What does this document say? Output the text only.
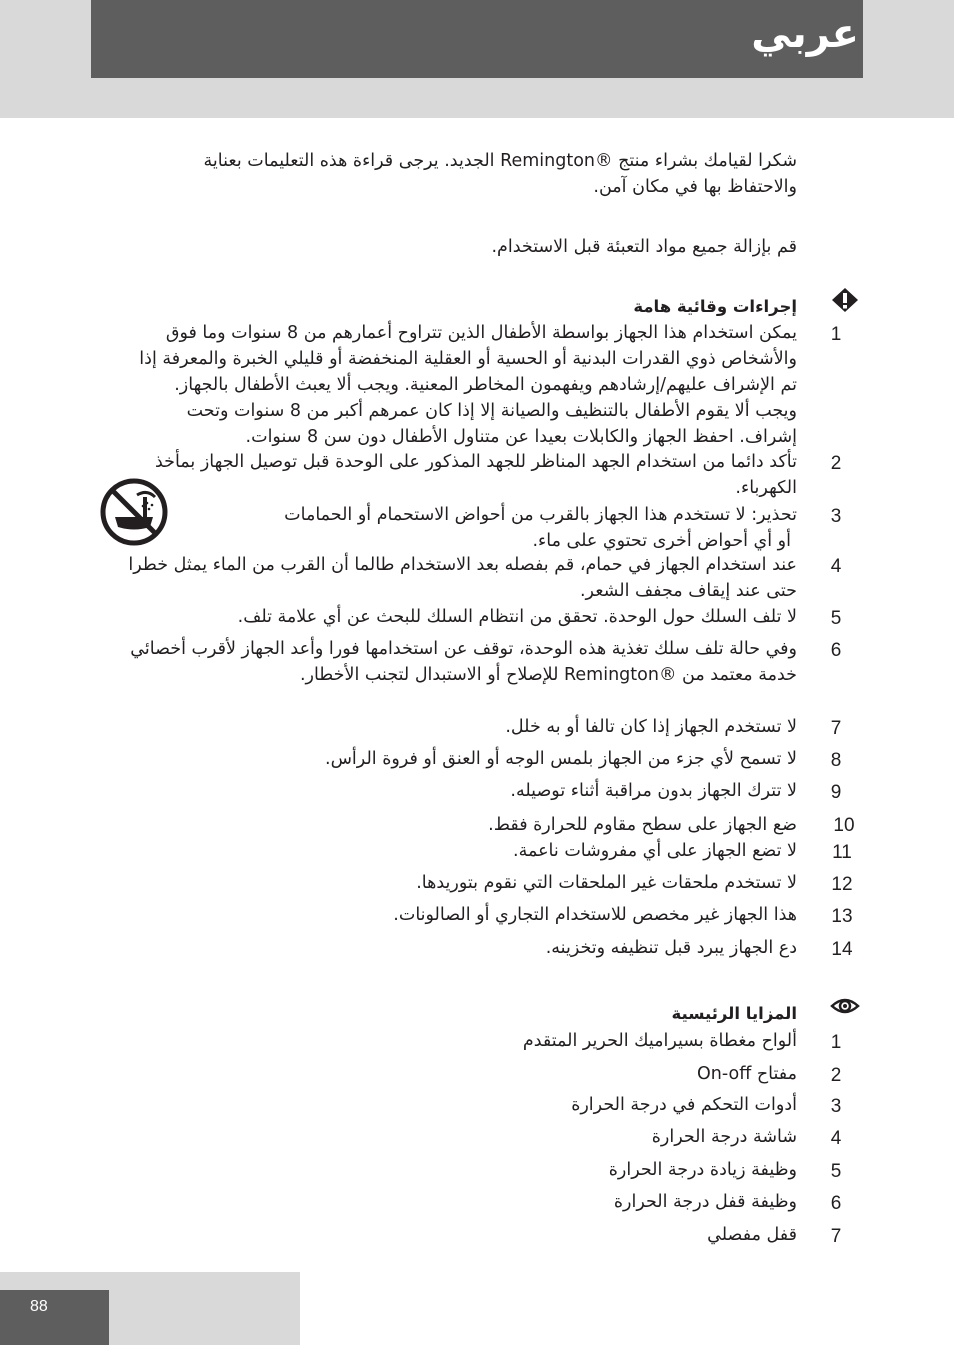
عربي
شكرا لقيامك بشراء منتج ®Remington الجديد. يرجى قراءة هذه التعليمات بعناية
والاحتفاظ بها في مكان آمن.
قم بإزالة جميع مواد التعبئة قبل الاستخدام.
إجراءات وقائية هامة
1
يمكن استخدام هذا الجهاز بواسطة الأطفال الذين تتراوح أعمارهم من 8 سنوات وما فوق
والأشخاص ذوي القدرات البدنية أو الحسية أو العقلية المنخفضة أو قليلي الخبرة والمعرفة إذا
تم الإشراف عليهم/إرشادهم ويفهمون المخاطر المعنية. ويجب ألا يعبث الأطفال بالجهاز.
ويجب ألا يقوم الأطفال بالتنظيف والصيانة إلا إذا كان عمرهم أكبر من 8 سنوات وتحت
إشراف. احفظ الجهاز والكابلات بعيدا عن متناول الأطفال دون سن 8 سنوات.
2
تأكد دائما من استخدام الجهد المناظر للجهد المذكور على الوحدة قبل توصيل الجهاز بمأخذ
الكهرباء.
3
تحذير: لا تستخدم هذا الجهاز بالقرب من أحواض الاستحمام أو الحمامات
أو أي أحواض أخرى تحتوي على ماء.
4
عند استخدام الجهاز في حمام، قم بفصله بعد الاستخدام طالما أن القرب من الماء يمثل خطرا
حتى عند إيقاف مجفف الشعر.
5
لا تلف السلك حول الوحدة. تحقق من انتظام السلك للبحث عن أي علامة تلف.
6
وفي حالة تلف سلك تغذية هذه الوحدة، توقف عن استخدامها فورا وأعد الجهاز لأقرب أخصائي
خدمة معتمد من ®Remington للإصلاح أو الاستبدال لتجنب الأخطار.
7
لا تستخدم الجهاز إذا كان تالفا أو به خلل.
8
لا تسمح لأي جزء من الجهاز بلمس الوجه أو العنق أو فروة الرأس.
9
لا تترك الجهاز بدون مراقبة أثناء توصيله.
10
ضع الجهاز على سطح مقاوم للحرارة فقط.
11
لا تضع الجهاز على أي مفروشات ناعمة.
12
لا تستخدم ملحقات غير الملحقات التي نقوم بتوريدها.
13
هذا الجهاز غير مخصص للاستخدام التجاري أو الصالونات.
14
دع الجهاز يبرد قبل تنظيفه وتخزينه.
المزايا الرئيسية
1
ألواح مغطاة بسيراميك الحرير المتقدم
2
مفتاح On-off
3
أدوات التحكم في درجة الحرارة
4
شاشة درجة الحرارة
5
وظيفة زيادة درجة الحرارة
6
وظيفة قفل درجة الحرارة
7
قفل مفصلي
88
